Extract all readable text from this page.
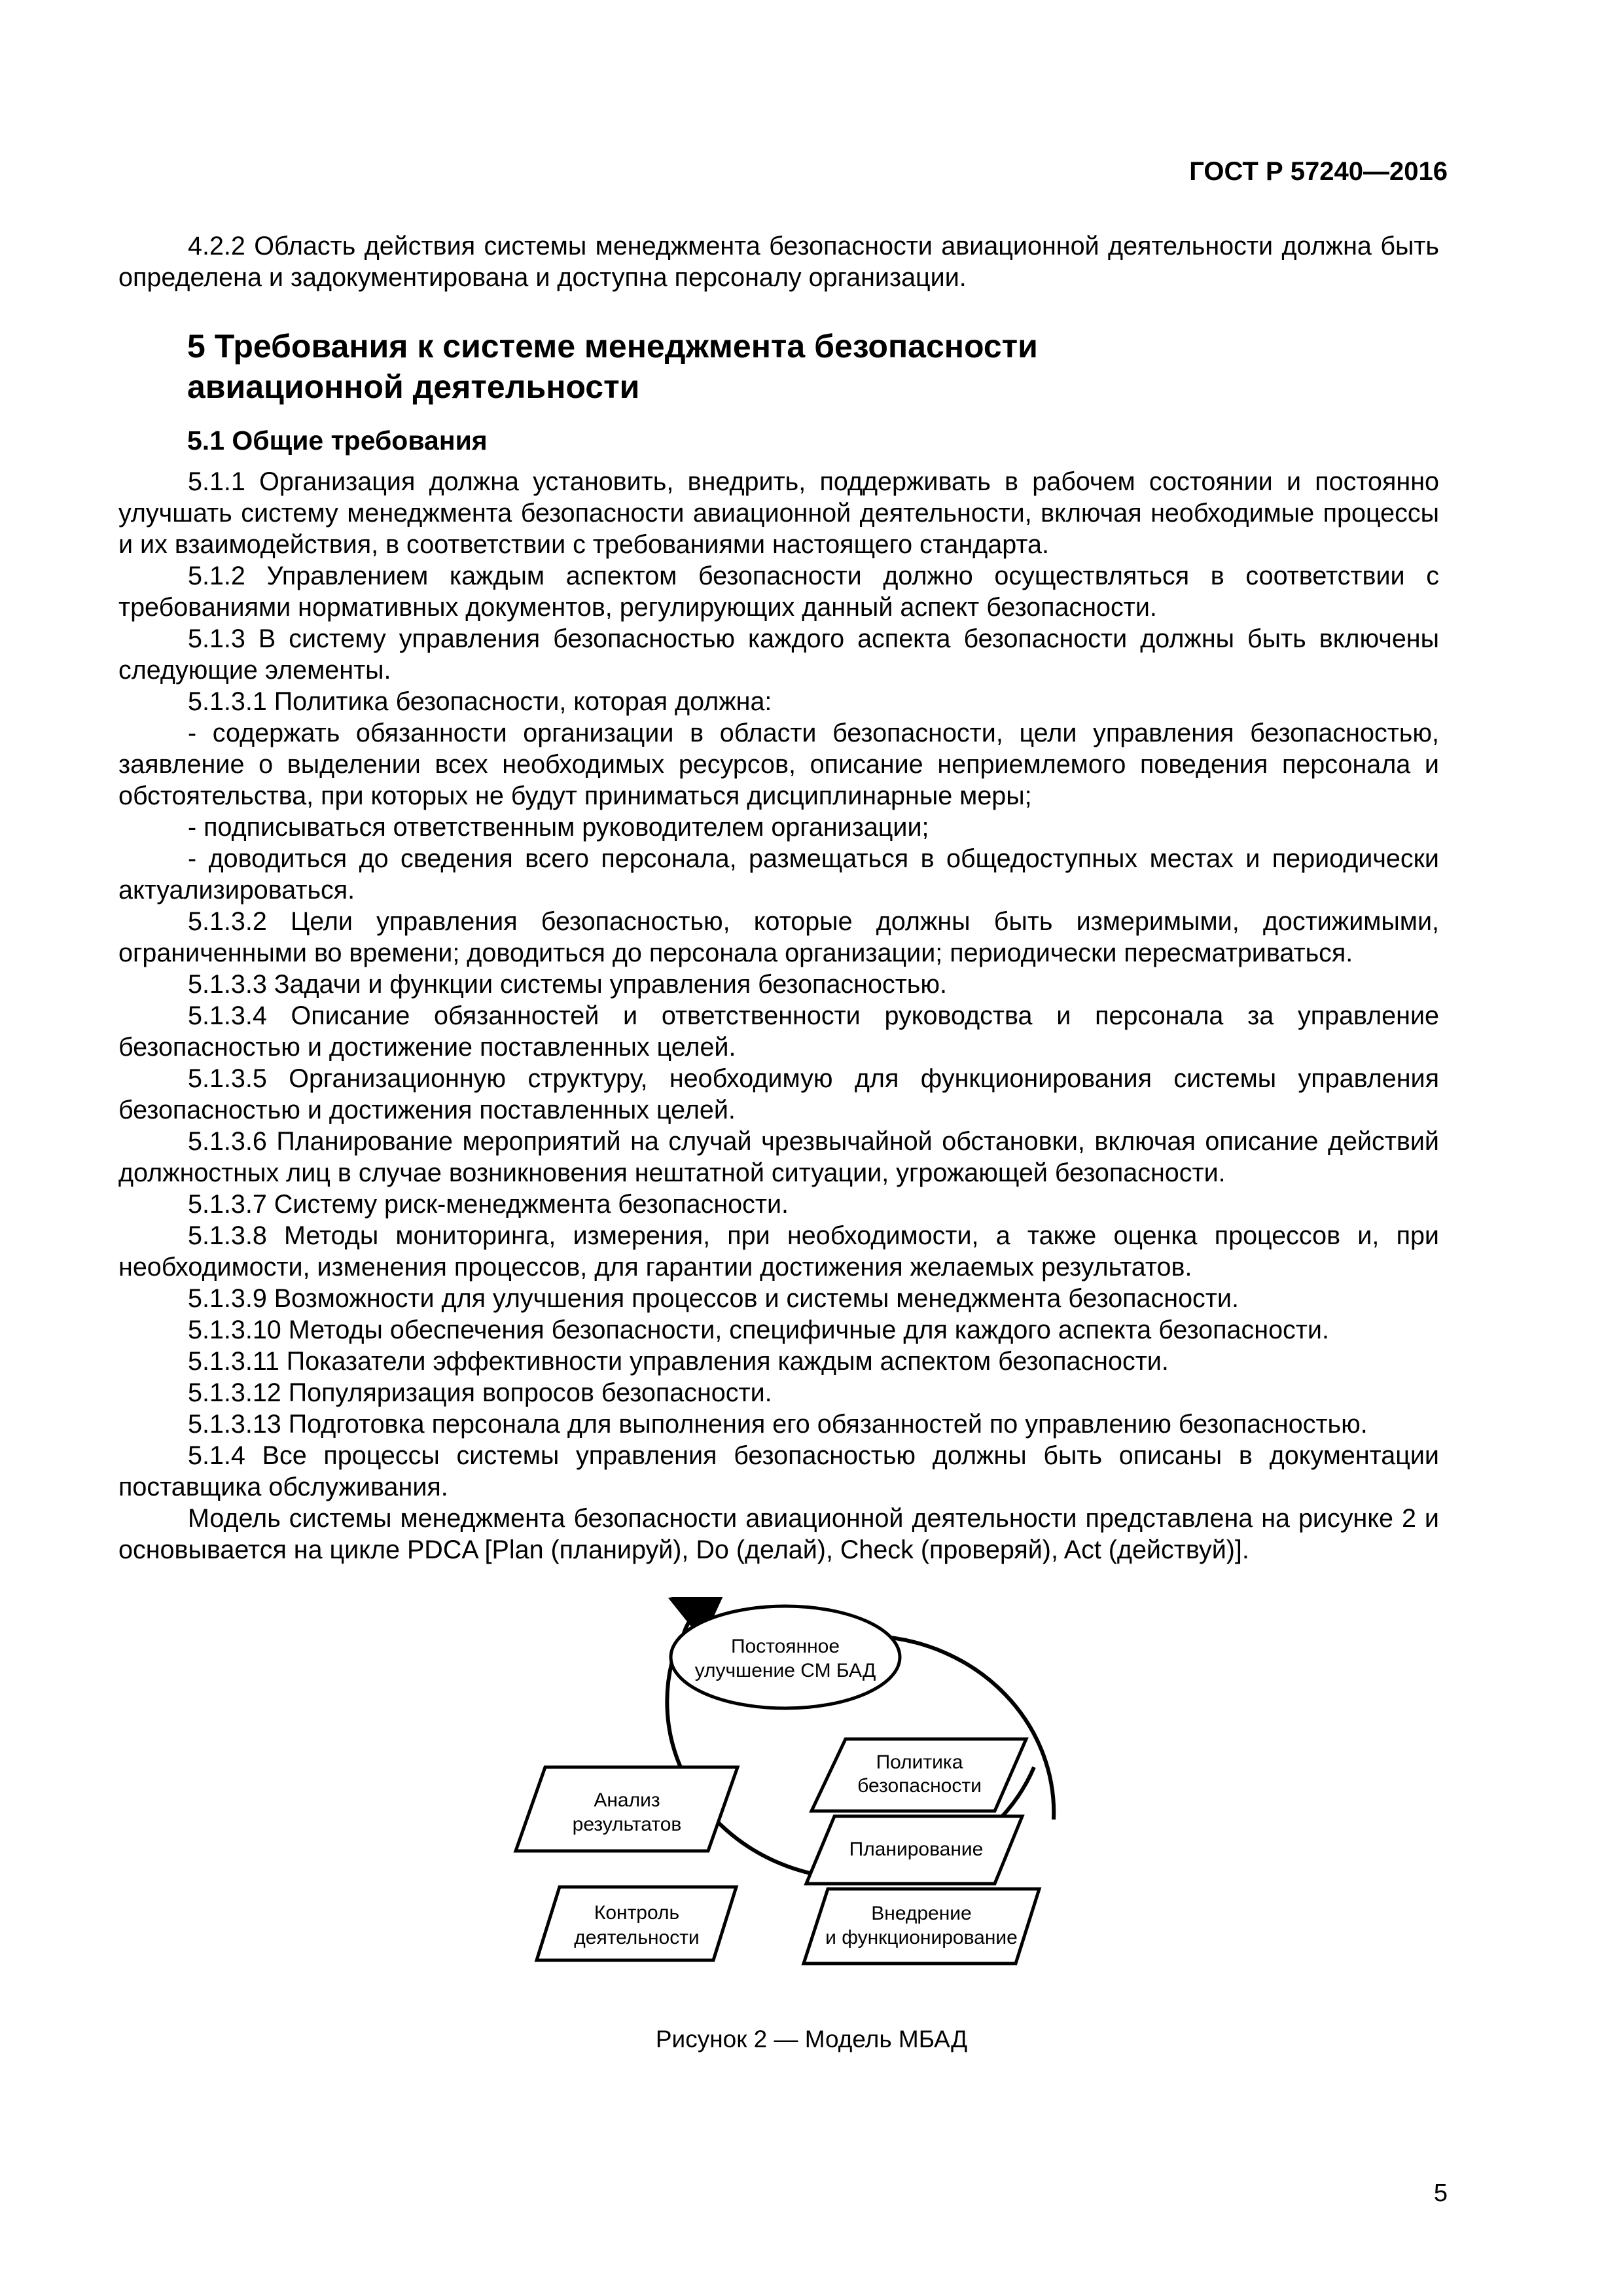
ГОСТ Р 57240—2016

4.2.2 Область действия системы менеджмента безопасности авиационной деятельности должна быть определена и задокументирована и доступна персоналу организации.

5 Требования к системе менеджмента безопасности
авиационной деятельности
5.1 Общие требования

5.1.1 Организация должна установить, внедрить, поддерживать в рабочем состоянии и постоянно улучшать систему менеджмента безопасности авиационной деятельности, включая необходимые процессы и их взаимодействия, в соответствии с требованиями настоящего стандарта.

5.1.2 Управлением каждым аспектом безопасности должно осуществляться в соответствии с требованиями нормативных документов, регулирующих данный аспект безопасности.

5.1.3 В систему управления безопасностью каждого аспекта безопасности должны быть включены следующие элементы.

5.1.3.1 Политика безопасности, которая должна:

- содержать обязанности организации в области безопасности, цели управления безопасностью, заявление о выделении всех необходимых ресурсов, описание неприемлемого поведения персонала и обстоятельства, при которых не будут приниматься дисциплинарные меры;

- подписываться ответственным руководителем организации;

- доводиться до сведения всего персонала, размещаться в общедоступных местах и периодически актуализироваться.

5.1.3.2 Цели управления безопасностью, которые должны быть измеримыми, достижимыми, ограниченными во времени; доводиться до персонала организации; периодически пересматриваться.

5.1.3.3 Задачи и функции системы управления безопасностью.

5.1.3.4 Описание обязанностей и ответственности руководства и персонала за управление безопасностью и достижение поставленных целей.

5.1.3.5 Организационную структуру, необходимую для функционирования системы управления безопасностью и достижения поставленных целей.

5.1.3.6 Планирование мероприятий на случай чрезвычайной обстановки, включая описание действий должностных лиц в случае возникновения нештатной ситуации, угрожающей безопасности.

5.1.3.7 Систему риск-менеджмента безопасности.

5.1.3.8 Методы мониторинга, измерения, при необходимости, а также оценка процессов и, при необходимости, изменения процессов, для гарантии достижения желаемых результатов.

5.1.3.9 Возможности для улучшения процессов и системы менеджмента безопасности.

5.1.3.10 Методы обеспечения безопасности, специфичные для каждого аспекта безопасности.

5.1.3.11 Показатели эффективности управления каждым аспектом безопасности.

5.1.3.12 Популяризация вопросов безопасности.

5.1.3.13 Подготовка персонала для выполнения его обязанностей по управлению безопасностью.

5.1.4 Все процессы системы управления безопасностью должны быть описаны в документации поставщика обслуживания.

Модель системы менеджмента безопасности авиационной деятельности представлена на рисунке 2 и основывается на цикле PDCA [Plan (планируй), Do (делай), Check (проверяй), Act (действуй)].

Постоянное
улучшение СМ БАД
Политика
безопасности
Планирование
Внедрение
и функционирование
Анализ
результатов
Контроль
деятельности
Рисунок 2 — Модель МБАД
5
